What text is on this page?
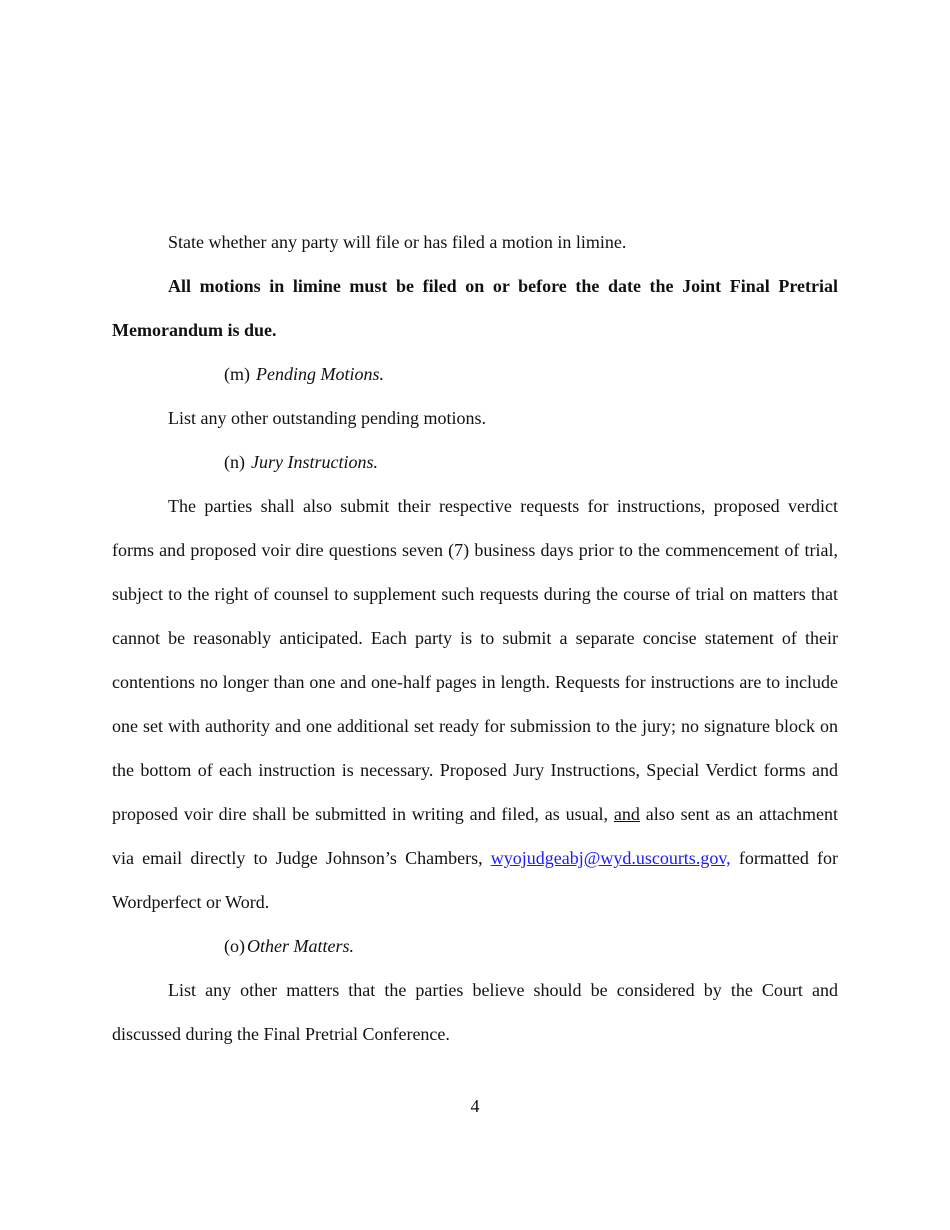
State whether any party will file or has filed a motion in limine.

All motions in limine must be filed on or before the date the Joint Final Pretrial Memorandum is due.

(m) Pending Motions.

List any other outstanding pending motions.

(n) Jury Instructions.

The parties shall also submit their respective requests for instructions, proposed verdict forms and proposed voir dire questions seven (7) business days prior to the commencement of trial, subject to the right of counsel to supplement such requests during the course of trial on matters that cannot be reasonably anticipated. Each party is to submit a separate concise statement of their contentions no longer than one and one-half pages in length. Requests for instructions are to include one set with authority and one additional set ready for submission to the jury; no signature block on the bottom of each instruction is necessary. Proposed Jury Instructions, Special Verdict forms and proposed voir dire shall be submitted in writing and filed, as usual, and also sent as an attachment via email directly to Judge Johnson’s Chambers, wyojudgeabj@wyd.uscourts.gov, formatted for Wordperfect or Word.

(o) Other Matters.

List any other matters that the parties believe should be considered by the Court and discussed during the Final Pretrial Conference.

4
